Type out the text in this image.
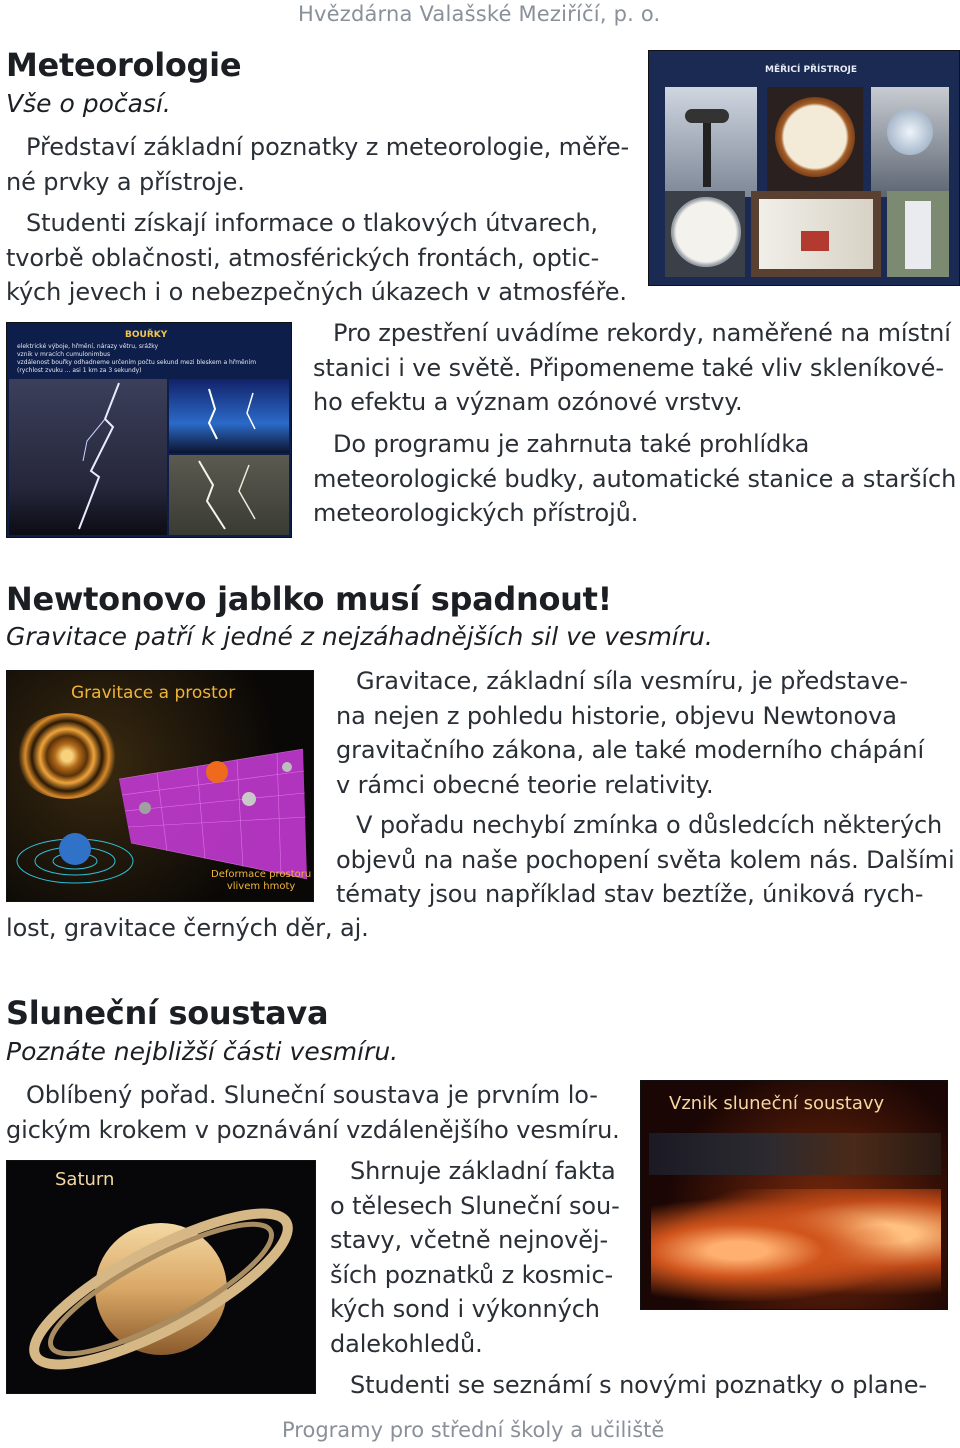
Hvězdárna Valašské Meziříčí, p. o.
Meteorologie
Vše o počasí.
Představí základní poznatky z meteorologie, měře-
né prvky a přístroje.
Studenti získají informace o tlakových útvarech,
tvorbě oblačnosti, atmosférických frontách, optic-
kých jevech i o nebezpečných úkazech v atmosféře.
Pro zpestření uvádíme rekordy, naměřené na místní
stanici i ve světě. Připomeneme také vliv skleníkové-
ho efektu a význam ozónové vrstvy.
Do programu je zahrnuta také prohlídka
meteorologické budky, automatické stanice a starších
meteorologických přístrojů.
MĚŘICÍ PŘÍSTROJE
BOUŘKY
elektrické výboje, hřmění, nárazy větru, srážky
vznik v mracích cumulonimbus
vzdálenost bouřky odhadneme určením počtu sekund mezi bleskem a hřměním
(rychlost zvuku ... asi 1 km za 3 sekundy)
Newtonovo jablko musí spadnout!
Gravitace patří k jedné z nejzáhadnějších sil ve vesmíru.
Gravitace, základní síla vesmíru, je představe-
na nejen z pohledu historie, objevu Newtonova
gravitačního zákona, ale také moderního chápání
v rámci obecné teorie relativity.
V pořadu nechybí zmínka o důsledcích některých
objevů na naše pochopení světa kolem nás. Dalšími
tématy jsou například stav beztíže, úniková rych-
lost, gravitace černých děr, aj.
Gravitace a prostor
Deformace prostoru
vlivem hmoty
Sluneční soustava
Poznáte nejbližší části vesmíru.
Oblíbený pořad. Sluneční soustava je prvním lo-
gickým krokem v poznávání vzdálenějšího vesmíru.
Shrnuje základní fakta
o tělesech Sluneční sou-
stavy, včetně nejnověj-
ších poznatků z kosmic-
kých sond i výkonných
dalekohledů.
Studenti se seznámí s novými poznatky o plane-
Vznik sluneční soustavy
Saturn
Programy pro střední školy a učiliště
